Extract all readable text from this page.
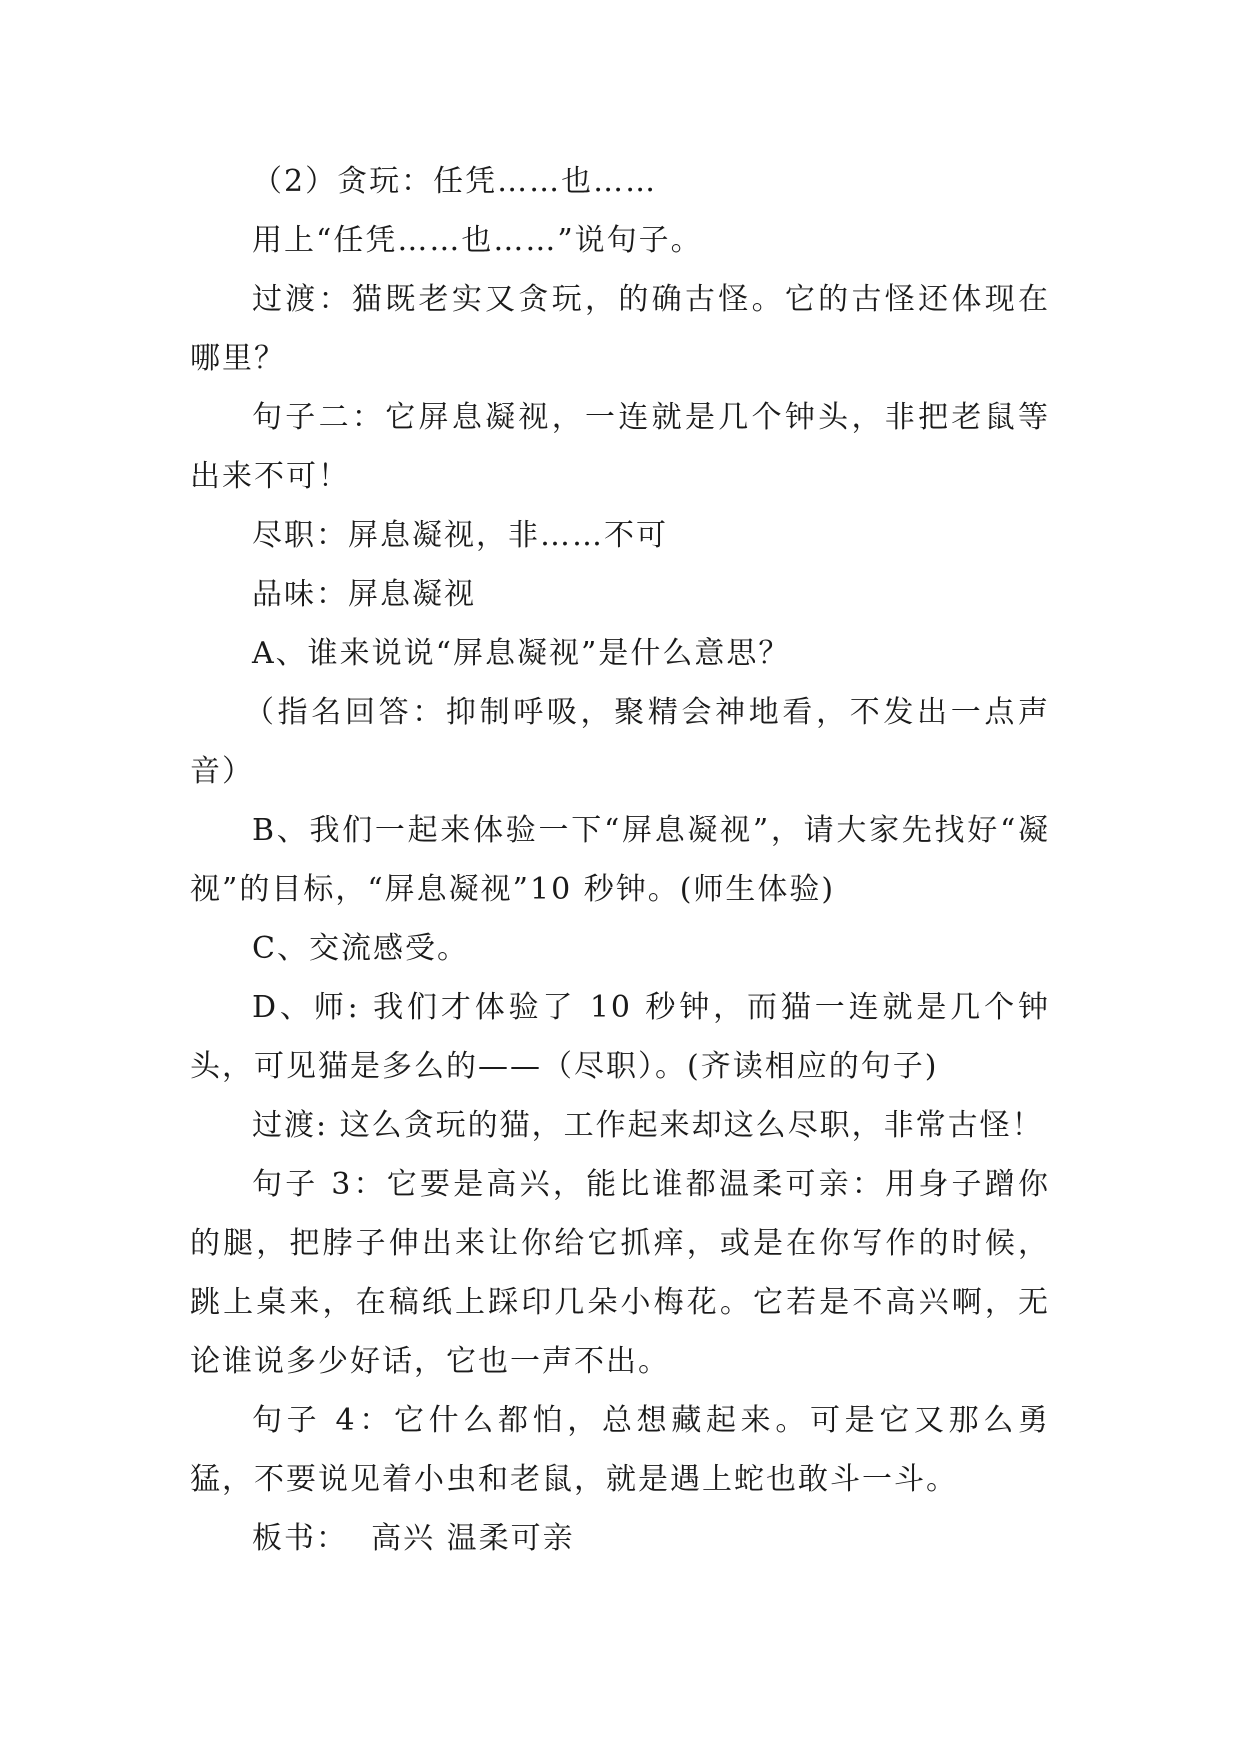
（2）贪玩：任凭……也……

用上“任凭……也……”说句子。

过渡：猫既老实又贪玩，的确古怪。它的古怪还体现在哪里？

句子二：它屏息凝视，一连就是几个钟头，非把老鼠等出来不可！

尽职：屏息凝视，非……不可

品味：屏息凝视

A、谁来说说“屏息凝视”是什么意思？

（指名回答：抑制呼吸，聚精会神地看，不发出一点声音）

B、我们一起来体验一下“屏息凝视”，请大家先找好“凝视”的目标，“屏息凝视”10 秒钟。(师生体验)

C、交流感受。

D、师: 我们才体验了 10 秒钟，而猫一连就是几个钟头，可见猫是多么的——（尽职）。(齐读相应的句子)

过渡: 这么贪玩的猫，工作起来却这么尽职，非常古怪！

句子 3：它要是高兴，能比谁都温柔可亲：用身子蹭你的腿，把脖子伸出来让你给它抓痒，或是在你写作的时候，跳上桌来，在稿纸上踩印几朵小梅花。它若是不高兴啊，无论谁说多少好话，它也一声不出。

句子 4：它什么都怕，总想藏起来。可是它又那么勇猛，不要说见着小虫和老鼠，就是遇上蛇也敢斗一斗。

板书：  高兴 温柔可亲
